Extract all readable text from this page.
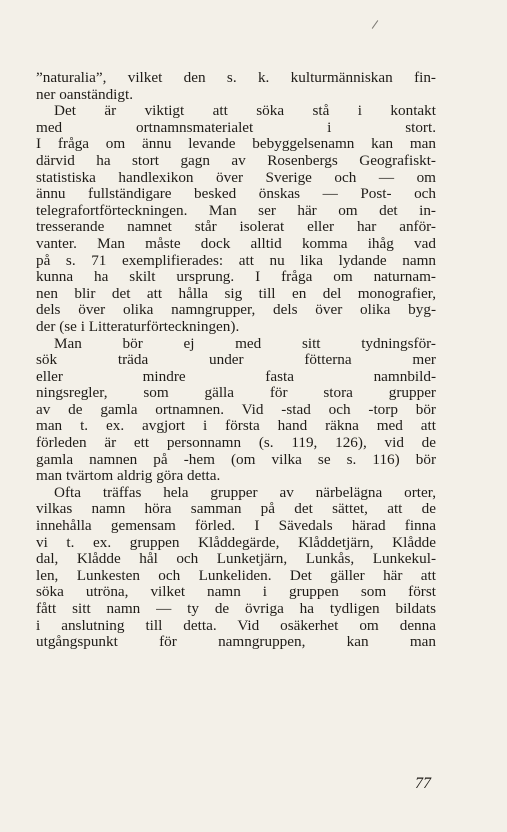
”naturalia”, vilket den s. k. kulturmänniskan fin-
ner oanständigt.
Det är viktigt att söka stå i kontakt
med ortnamnsmaterialet i stort.
I fråga om ännu levande bebyggelsenamn kan man
därvid ha stort gagn av Rosenbergs Geografiskt-
statistiska handlexikon över Sverige och — om
ännu fullständigare besked önskas — Post- och
telegrafortförteckningen. Man ser här om det in-
tresserande namnet står isolerat eller har anför-
vanter. Man måste dock alltid komma ihåg vad
på s. 71 exemplifierades: att nu lika lydande namn
kunna ha skilt ursprung. I fråga om naturnam-
nen blir det att hålla sig till en del monografier,
dels över olika namngrupper, dels över olika byg-
der (se i Litteraturförteckningen).
Man bör ej med sitt tydningsför-
sök träda under fötterna mer
eller mindre fasta namnbild-
ningsregler, som gälla för stora grupper
av de gamla ortnamnen. Vid -stad och -torp bör
man t. ex. avgjort i första hand räkna med att
förleden är ett personnamn (s. 119, 126), vid de
gamla namnen på -hem (om vilka se s. 116) bör
man tvärtom aldrig göra detta.
Ofta träffas hela grupper av närbelägna orter,
vilkas namn höra samman på det sättet, att de
innehålla gemensam förled. I Sävedals härad finna
vi t. ex. gruppen Klåddegärde, Klåddetjärn, Klådde
dal, Klådde hål och Lunketjärn, Lunkås, Lunkekul-
len, Lunkesten och Lunkeliden. Det gäller här att
söka utröna, vilket namn i gruppen som först
fått sitt namn — ty de övriga ha tydligen bildats
i anslutning till detta. Vid osäkerhet om denna
utgångspunkt för namngruppen, kan man
77
